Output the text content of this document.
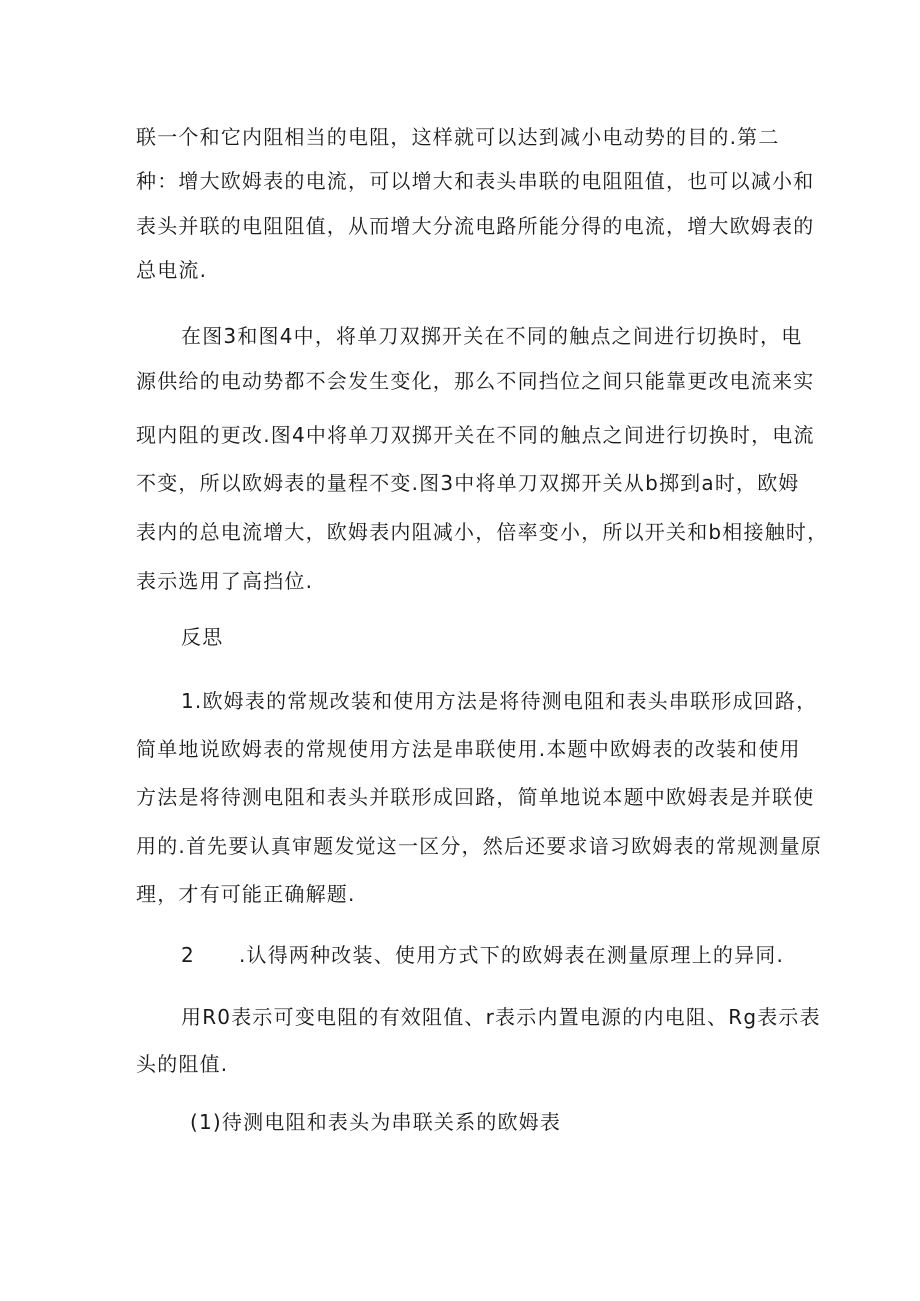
联一个和它内阻相当的电阻，这样就可以达到减小电动势的目的.第二
种：增大欧姆表的电流，可以增大和表头串联的电阻阻值，也可以减小和
表头并联的电阻阻值，从而增大分流电路所能分得的电流，增大欧姆表的
总电流.
在图3和图4中，将单刀双掷开关在不同的触点之间进行切换时，电
源供给的电动势都不会发生变化，那么不同挡位之间只能靠更改电流来实
现内阻的更改.图4中将单刀双掷开关在不同的触点之间进行切换时，电流
不变，所以欧姆表的量程不变.图3中将单刀双掷开关从b掷到a时，欧姆
表内的总电流增大，欧姆表内阻减小，倍率变小，所以开关和b相接触时，
表示选用了高挡位.
反思
1.欧姆表的常规改装和使用方法是将待测电阻和表头串联形成回路，
简单地说欧姆表的常规使用方法是串联使用.本题中欧姆表的改装和使用
方法是将待测电阻和表头并联形成回路，简单地说本题中欧姆表是并联使
用的.首先要认真审题发觉这一区分，然后还要求谙习欧姆表的常规测量原
理，才有可能正确解题.
2 .认得两种改装、使用方式下的欧姆表在测量原理上的异同.
用R0表示可变电阻的有效阻值、r表示内置电源的内电阻、Rg表示表
头的阻值.
(1)待测电阻和表头为串联关系的欧姆表
